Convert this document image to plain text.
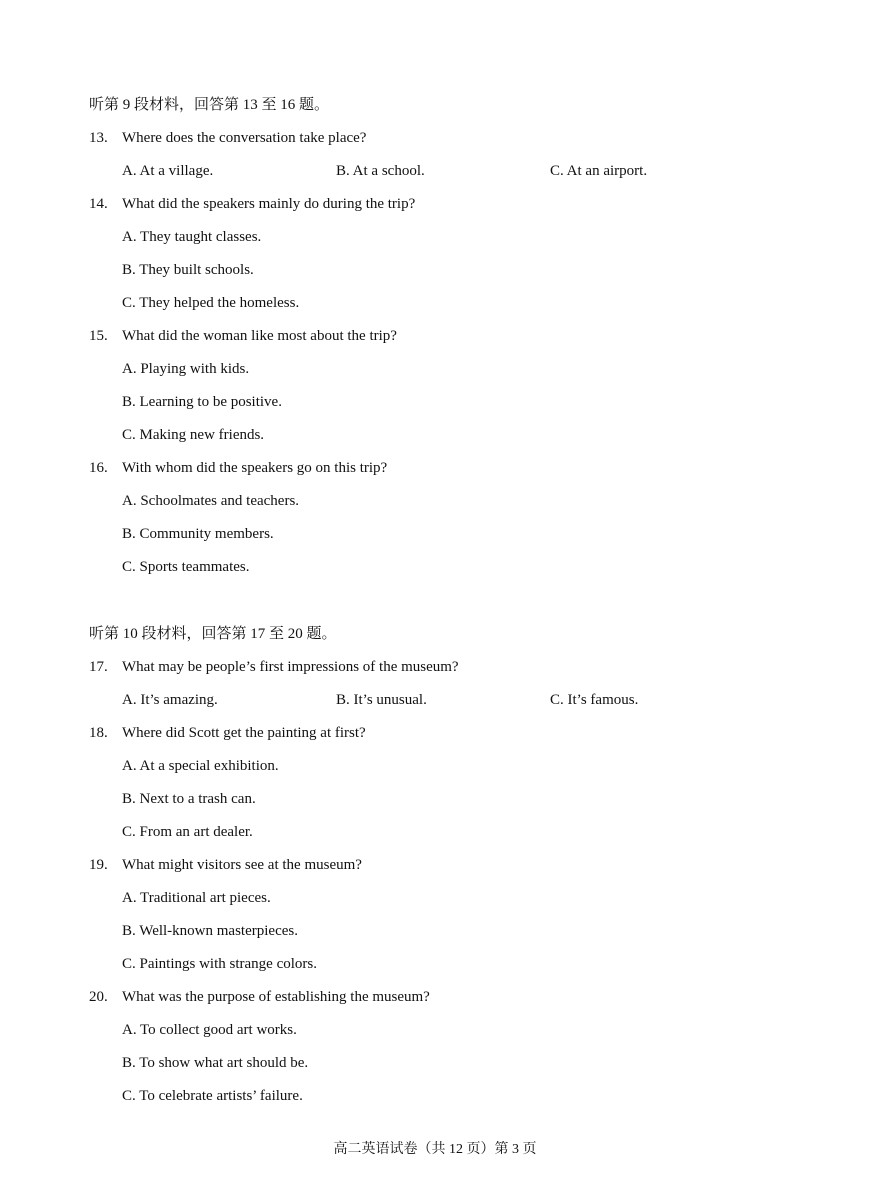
听第 9 段材料，回答第 13 至 16 题。
13. Where does the conversation take place?
A. At a village.	B. At a school.	C. At an airport.
14. What did the speakers mainly do during the trip?
A. They taught classes.
B. They built schools.
C. They helped the homeless.
15. What did the woman like most about the trip?
A. Playing with kids.
B. Learning to be positive.
C. Making new friends.
16. With whom did the speakers go on this trip?
A. Schoolmates and teachers.
B. Community members.
C. Sports teammates.
听第 10 段材料，回答第 17 至 20 题。
17. What may be people’s first impressions of the museum?
A. It’s amazing.	B. It’s unusual.	C. It’s famous.
18. Where did Scott get the painting at first?
A. At a special exhibition.
B. Next to a trash can.
C. From an art dealer.
19. What might visitors see at the museum?
A. Traditional art pieces.
B. Well-known masterpieces.
C. Paintings with strange colors.
20. What was the purpose of establishing the museum?
A. To collect good art works.
B. To show what art should be.
C. To celebrate artists’ failure.
高二英语试卷（共 12 页）第 3 页
